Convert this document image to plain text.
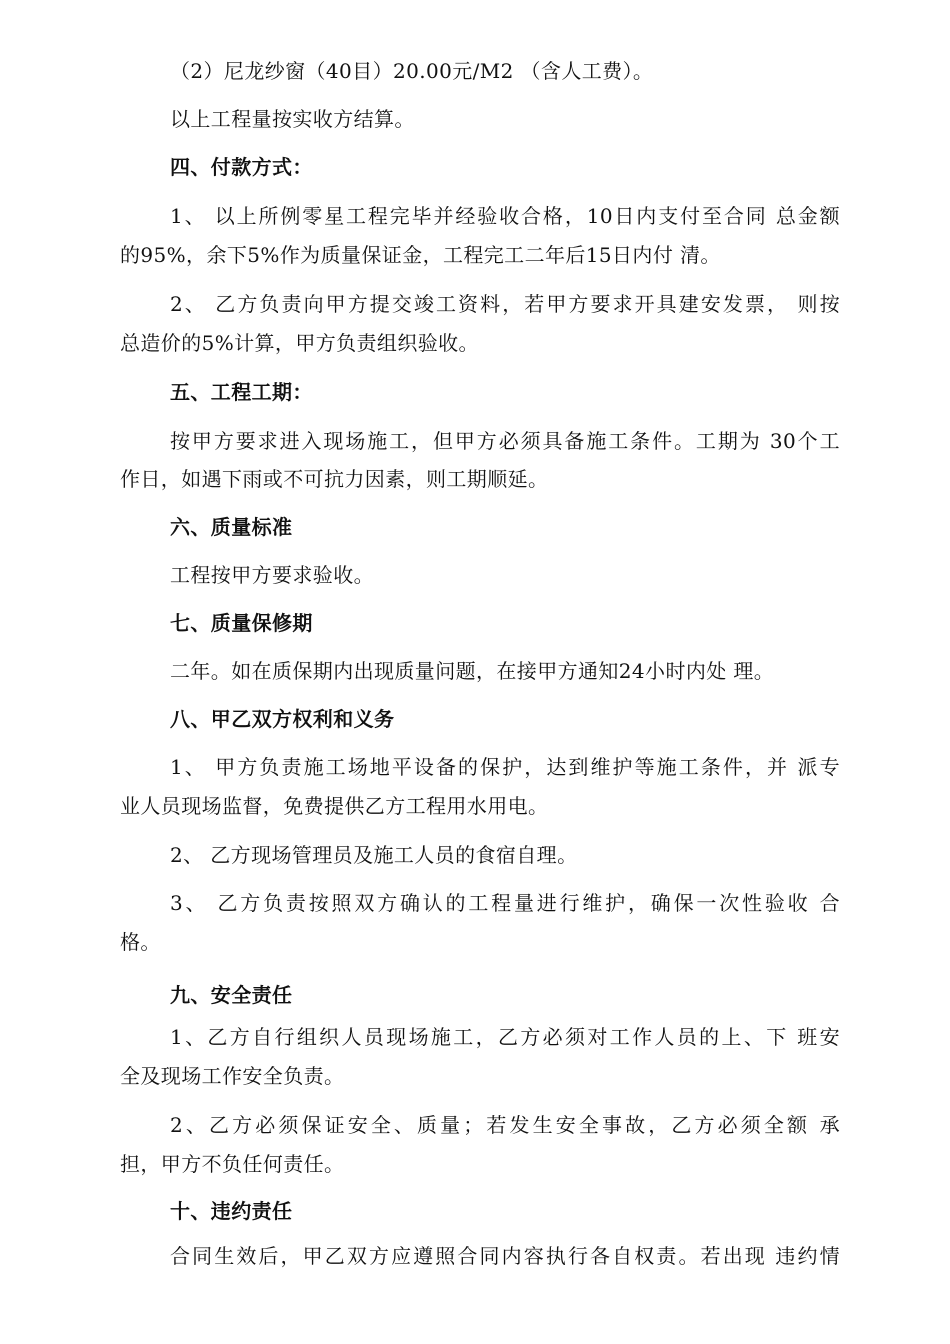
（2）尼龙纱窗（40目）20.00元/M2 （含人工费）。
以上工程量按实收方结算。
四、付款方式：
1、 以上所例零星工程完毕并经验收合格，10日内支付至合同 总金额
的95%，余下5%作为质量保证金，工程完工二年后15日内付 清。
2、 乙方负责向甲方提交竣工资料，若甲方要求开具建安发票， 则按
总造价的5%计算，甲方负责组织验收。
五、工程工期：
按甲方要求进入现场施工，但甲方必须具备施工条件。工期为 30个工
作日，如遇下雨或不可抗力因素，则工期顺延。
六、质量标准
工程按甲方要求验收。
七、质量保修期
二年。如在质保期内出现质量问题，在接甲方通知24小时内处 理。
八、甲乙双方权利和义务
1、 甲方负责施工场地平设备的保护，达到维护等施工条件，并 派专
业人员现场监督，免费提供乙方工程用水用电。
2、 乙方现场管理员及施工人员的食宿自理。
3、 乙方负责按照双方确认的工程量进行维护，确保一次性验收 合
格。
九、安全责任
1、乙方自行组织人员现场施工，乙方必须对工作人员的上、下 班安
全及现场工作安全负责。
2、乙方必须保证安全、质量；若发生安全事故，乙方必须全额 承
担，甲方不负任何责任。
十、违约责任
合同生效后，甲乙双方应遵照合同内容执行各自权责。若出现 违约情
